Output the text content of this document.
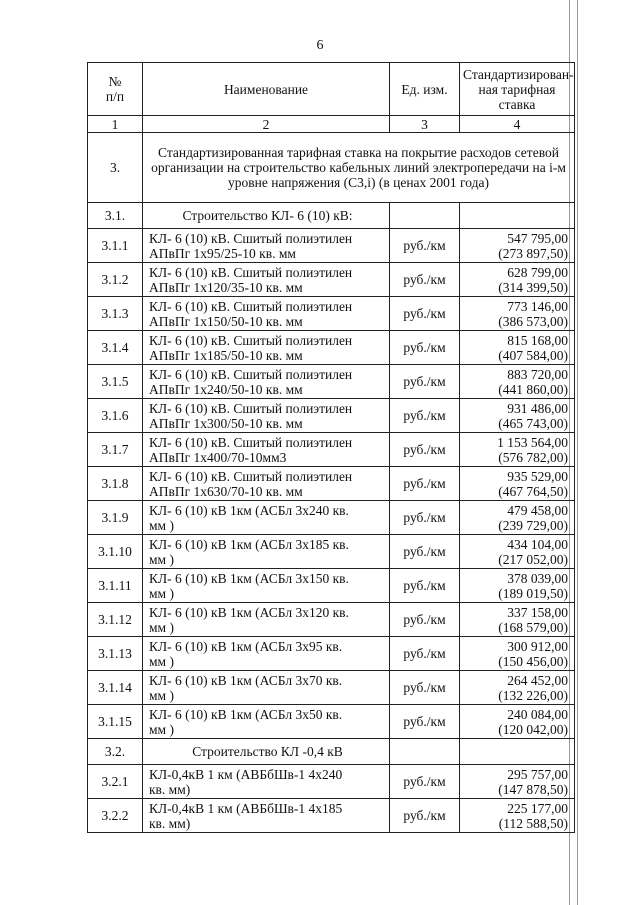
6
№
п/п	Наименование	Ед. изм.	Стандартизирован-
ная тарифная
ставка
1	2	3	4
3.	Стандартизированная тарифная ставка на покрытие расходов сетевой организации на строительство кабельных линий электропередачи на i-м уровне напряжения (С3,i) (в ценах 2001 года)		
3.1.	Строительство КЛ- 6 (10) кВ:		
3.1.1	КЛ- 6 (10) кВ. Сшитый полиэтилен
АПвПг 1х95/25-10 кв. мм	руб./км	547 795,00
(273 897,50)

3.1.2	КЛ- 6 (10) кВ. Сшитый полиэтилен
АПвПг 1х120/35-10 кв. мм	руб./км	628 799,00
(314 399,50)

3.1.3	КЛ- 6 (10) кВ. Сшитый полиэтилен
АПвПг 1х150/50-10 кв. мм	руб./км	773 146,00
(386 573,00)

3.1.4	КЛ- 6 (10) кВ. Сшитый полиэтилен
АПвПг 1х185/50-10 кв. мм	руб./км	815 168,00
(407 584,00)

3.1.5	КЛ- 6 (10) кВ. Сшитый полиэтилен
АПвПг 1х240/50-10 кв. мм	руб./км	883 720,00
(441 860,00)

3.1.6	КЛ- 6 (10) кВ. Сшитый полиэтилен
АПвПг 1х300/50-10 кв. мм	руб./км	931 486,00
(465 743,00)

3.1.7	КЛ- 6 (10) кВ. Сшитый полиэтилен
АПвПг 1х400/70-10мм3	руб./км	1 153 564,00
(576 782,00)

3.1.8	КЛ- 6 (10) кВ. Сшитый полиэтилен
АПвПг 1х630/70-10 кв. мм	руб./км	935 529,00
(467 764,50)

3.1.9	КЛ- 6 (10) кВ 1км (АСБл 3х240 кв.
мм )	руб./км	479 458,00
(239 729,00)

3.1.10	КЛ- 6 (10) кВ 1км (АСБл 3х185 кв.
мм )	руб./км	434 104,00
(217 052,00)

3.1.11	КЛ- 6 (10) кВ 1км (АСБл 3х150 кв.
мм )	руб./км	378 039,00
(189 019,50)

3.1.12	КЛ- 6 (10) кВ 1км (АСБл 3х120 кв.
мм )	руб./км	337 158,00
(168 579,00)

3.1.13	КЛ- 6 (10) кВ 1км (АСБл 3х95 кв.
мм )	руб./км	300 912,00
(150 456,00)

3.1.14	КЛ- 6 (10) кВ 1км (АСБл 3х70 кв.
мм )	руб./км	264 452,00
(132 226,00)

3.1.15	КЛ- 6 (10) кВ 1км (АСБл 3х50 кв.
мм )	руб./км	240 084,00
(120 042,00)

3.2.	Строительство КЛ -0,4 кВ		
3.2.1	КЛ-0,4кВ 1 км (АВБбШв-1 4х240
кв. мм)	руб./км	295 757,00
(147 878,50)

3.2.2	КЛ-0,4кВ 1 км (АВБбШв-1 4х185
кв. мм)	руб./км	225 177,00
(112 588,50)
